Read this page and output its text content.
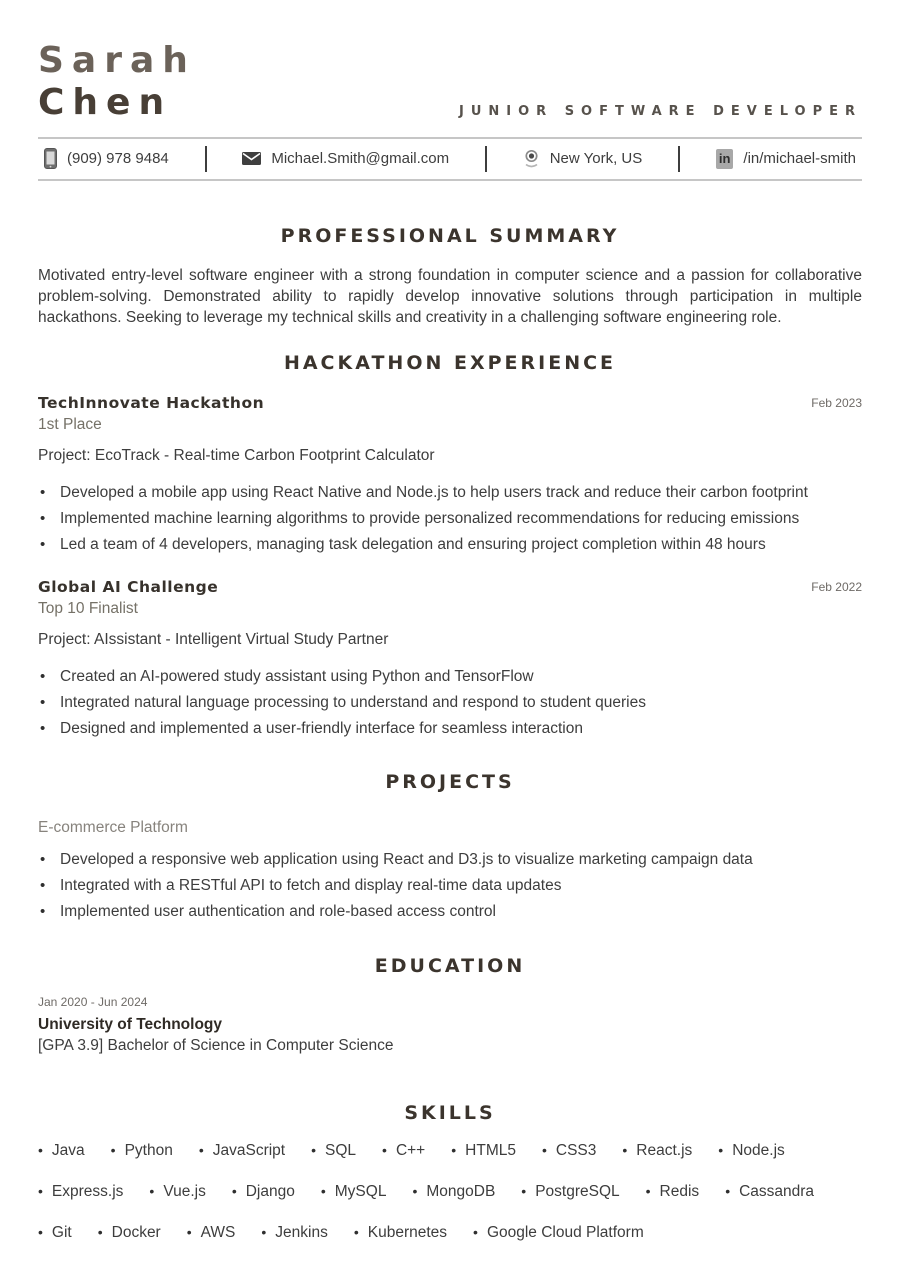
Sarah
Chen	JUNIOR SOFTWARE DEVELOPER
(909) 978 9484	Michael.Smith@gmail.com	New York, US	in /in/michael-smith
PROFESSIONAL SUMMARY

Motivated entry-level software engineer with a strong foundation in computer science and a passion for collaborative problem-solving. Demonstrated ability to rapidly develop innovative solutions through participation in multiple hackathons. Seeking to leverage my technical skills and creativity in a challenging software engineering role.

HACKATHON EXPERIENCE
TechInnovate Hackathon	Feb 2023
1st Place
Project: EcoTrack - Real-time Carbon Footprint Calculator
• Developed a mobile app using React Native and Node.js to help users track and reduce their carbon footprint
• Implemented machine learning algorithms to provide personalized recommendations for reducing emissions
• Led a team of 4 developers, managing task delegation and ensuring project completion within 48 hours
Global AI Challenge	Feb 2022
Top 10 Finalist
Project: AIssistant - Intelligent Virtual Study Partner
• Created an AI-powered study assistant using Python and TensorFlow
• Integrated natural language processing to understand and respond to student queries
• Designed and implemented a user-friendly interface for seamless interaction
PROJECTS
E-commerce Platform
• Developed a responsive web application using React and D3.js to visualize marketing campaign data
• Integrated with a RESTful API to fetch and display real-time data updates
• Implemented user authentication and role-based access control
EDUCATION
Jan 2020 - Jun 2024
University of Technology
[GPA 3.9] Bachelor of Science in Computer Science
SKILLS
• Java	• Python	• JavaScript	• SQL	• C++	• HTML5	• CSS3	• React.js	• Node.js
• Express.js	• Vue.js	• Django	• MySQL	• MongoDB	• PostgreSQL	• Redis	• Cassandra
• Git	• Docker	• AWS	• Jenkins	• Kubernetes	• Google Cloud Platform
